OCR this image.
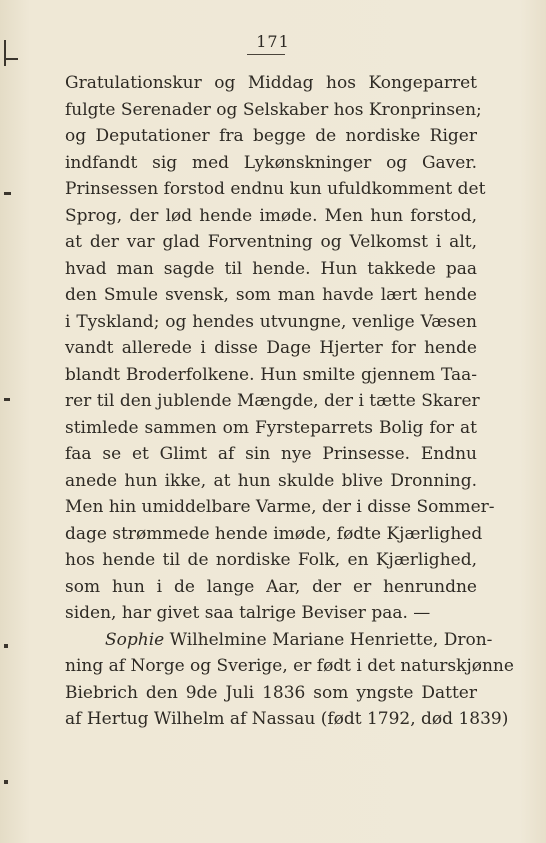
171
Gratulationskur og Middag hos Kongeparret
fulgte Serenader og Selskaber hos Kronprinsen;
og Deputationer fra begge de nordiske Riger
indfandt sig med Lykønskninger og Gaver.
Prinsessen forstod endnu kun ufuldkomment det
Sprog, der lød hende imøde. Men hun forstod,
at der var glad Forventning og Velkomst i alt,
hvad man sagde til hende. Hun takkede paa
den Smule svensk, som man havde lært hende
i Tyskland; og hendes utvungne, venlige Væsen
vandt allerede i disse Dage Hjerter for hende
blandt Broderfolkene. Hun smilte gjennem Taa-
rer til den jublende Mængde, der i tætte Skarer
stimlede sammen om Fyrsteparrets Bolig for at
faa se et Glimt af sin nye Prinsesse. Endnu
anede hun ikke, at hun skulde blive Dronning.
Men hin umiddelbare Varme, der i disse Sommer-
dage strømmede hende imøde, fødte Kjærlighed
hos hende til de nordiske Folk, en Kjærlighed,
som hun i de lange Aar, der er henrundne
siden, har givet saa talrige Beviser paa. —
Sophie Wilhelmine Mariane Henriette, Dron-
ning af Norge og Sverige, er født i det naturskjønne
Biebrich den 9de Juli 1836 som yngste Datter
af Hertug Wilhelm af Nassau (født 1792, død 1839)
